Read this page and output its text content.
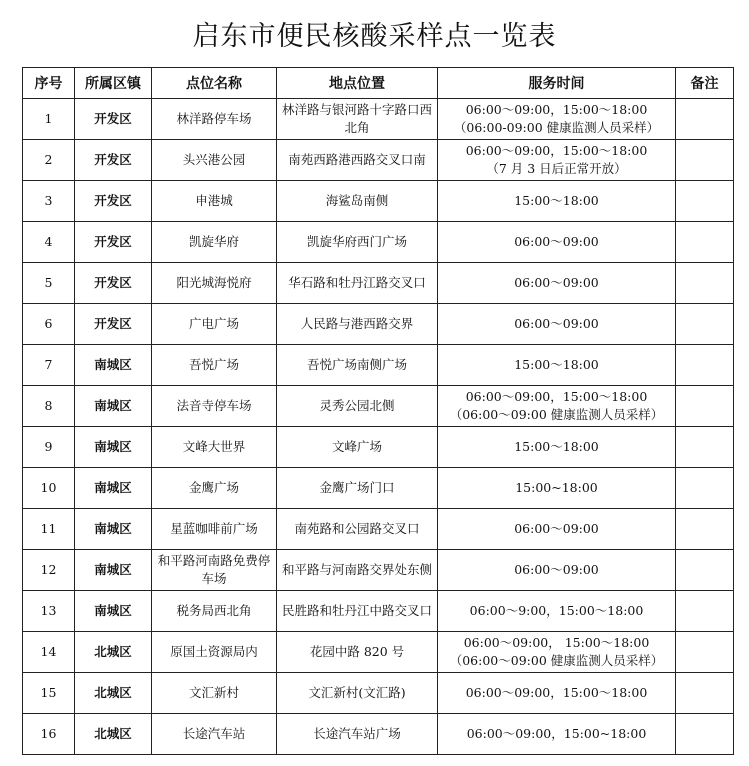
启东市便民核酸采样点一览表
序号	所属区镇	点位名称	地点位置	服务时间	备注
1	开发区	林洋路停车场	林洋路与银河路十字路口西北角	06:00～09:00，15:00～18:00
（06:00-09:00 健康监测人员采样）	

2	开发区	头兴港公园	南苑西路港西路交叉口南	06:00～09:00，15:00～18:00
（7 月 3 日后正常开放）	

3	开发区	申港城	海鲨岛南侧	15:00～18:00	

4	开发区	凯旋华府	凯旋华府西门广场	06:00～09:00	

5	开发区	阳光城海悦府	华石路和牡丹江路交叉口	06:00～09:00	

6	开发区	广电广场	人民路与港西路交界	06:00～09:00	

7	南城区	吾悦广场	吾悦广场南侧广场	15:00～18:00	

8	南城区	法音寺停车场	灵秀公园北侧	06:00～09:00，15:00～18:00
（06:00～09:00 健康监测人员采样）	

9	南城区	文峰大世界	文峰广场	15:00～18:00	

10	南城区	金鹰广场	金鹰广场门口	15:00~18:00	

11	南城区	星蓝咖啡前广场	南苑路和公园路交叉口	06:00～09:00	

12	南城区	和平路河南路免费停车场	和平路与河南路交界处东侧	06:00～09:00	

13	南城区	税务局西北角	民胜路和牡丹江中路交叉口	06:00～9:00，15:00～18:00	

14	北城区	原国土资源局内	花园中路 820 号	06:00～09:00， 15:00～18:00
（06:00～09:00 健康监测人员采样）	

15	北城区	文汇新村	文汇新村(文汇路)	06:00～09:00，15:00～18:00	

16	北城区	长途汽车站	长途汽车站广场	06:00～09:00，15:00~18:00	
